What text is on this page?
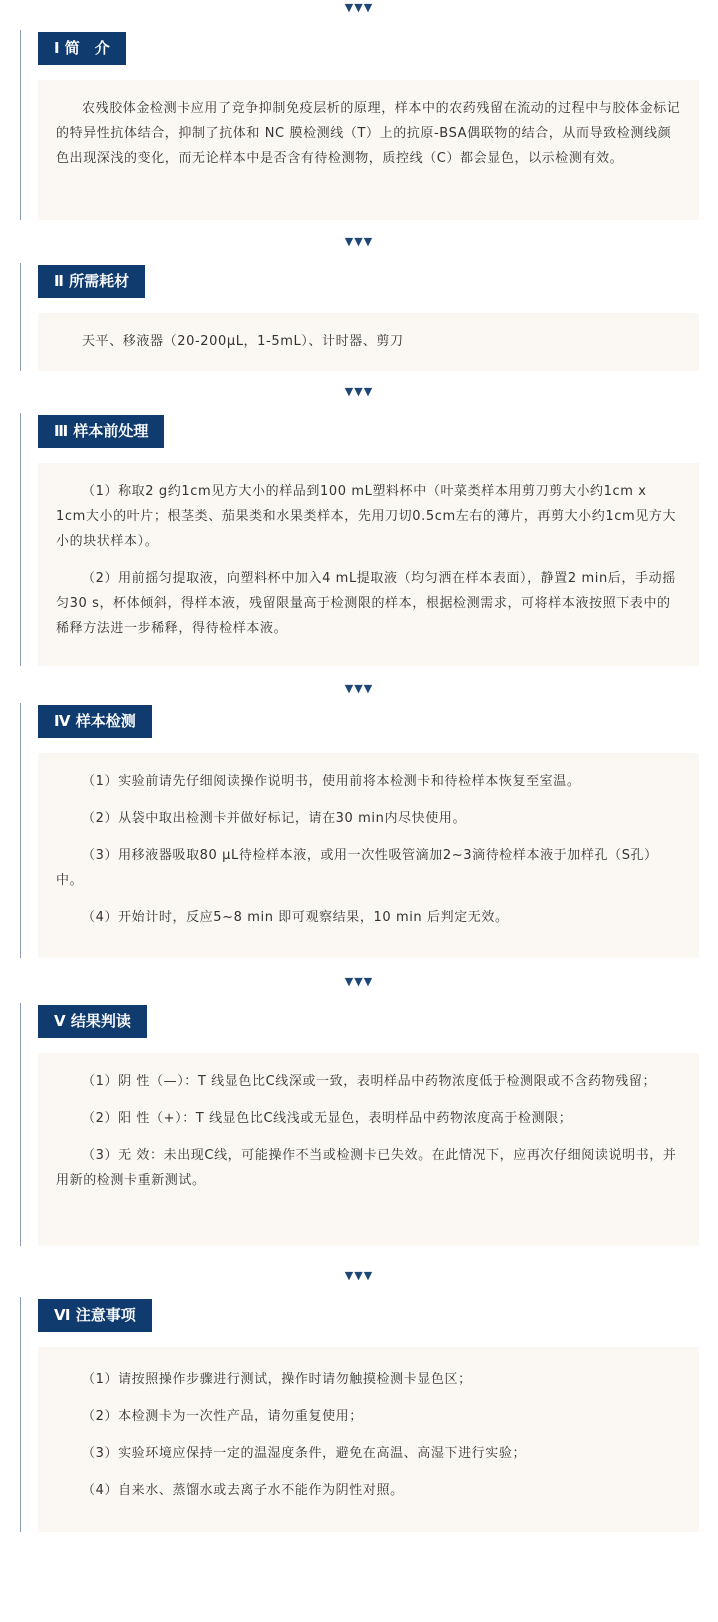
▼▼▼
▼▼▼
▼▼▼
▼▼▼
▼▼▼
▼▼▼
Ⅰ 简　介

农残胶体金检测卡应用了竞争抑制免疫层析的原理，样本中的农药残留在流动的过程中与胶体金标记的特异性抗体结合，抑制了抗体和 NC 膜检测线（T）上的抗原-BSA偶联物的结合，从而导致检测线颜色出现深浅的变化，而无论样本中是否含有待检测物，质控线（C）都会显色，以示检测有效。

Ⅱ 所需耗材

天平、移液器（20-200μL，1-5mL）、计时器、剪刀

Ⅲ 样本前处理

（1）称取2 g约1cm见方大小的样品到100 mL塑料杯中（叶菜类样本用剪刀剪大小约1cm x 1cm大小的叶片；根茎类、茄果类和水果类样本，先用刀切0.5cm左右的薄片，再剪大小约1cm见方大小的块状样本）。

（2）用前摇匀提取液，向塑料杯中加入4 mL提取液（均匀洒在样本表面），静置2 min后，手动摇匀30 s，杯体倾斜，得样本液，残留限量高于检测限的样本，根据检测需求，可将样本液按照下表中的稀释方法进一步稀释，得待检样本液。

Ⅳ 样本检测

（1）实验前请先仔细阅读操作说明书，使用前将本检测卡和待检样本恢复至室温。

（2）从袋中取出检测卡并做好标记，请在30 min内尽快使用。

（3）用移液器吸取80 μL待检样本液，或用一次性吸管滴加2~3滴待检样本液于加样孔（S孔）中。

（4）开始计时，反应5~8 min 即可观察结果，10 min 后判定无效。

Ⅴ 结果判读

（1）阴 性（—）：T 线显色比C线深或一致，表明样品中药物浓度低于检测限或不含药物残留；

（2）阳 性（+）：T 线显色比C线浅或无显色，表明样品中药物浓度高于检测限；

（3）无 效：未出现C线，可能操作不当或检测卡已失效。在此情况下，应再次仔细阅读说明书，并用新的检测卡重新测试。

Ⅵ 注意事项

（1）请按照操作步骤进行测试，操作时请勿触摸检测卡显色区；

（2）本检测卡为一次性产品，请勿重复使用；

（3）实验环境应保持一定的温湿度条件，避免在高温、高湿下进行实验；

（4）自来水、蒸馏水或去离子水不能作为阴性对照。
